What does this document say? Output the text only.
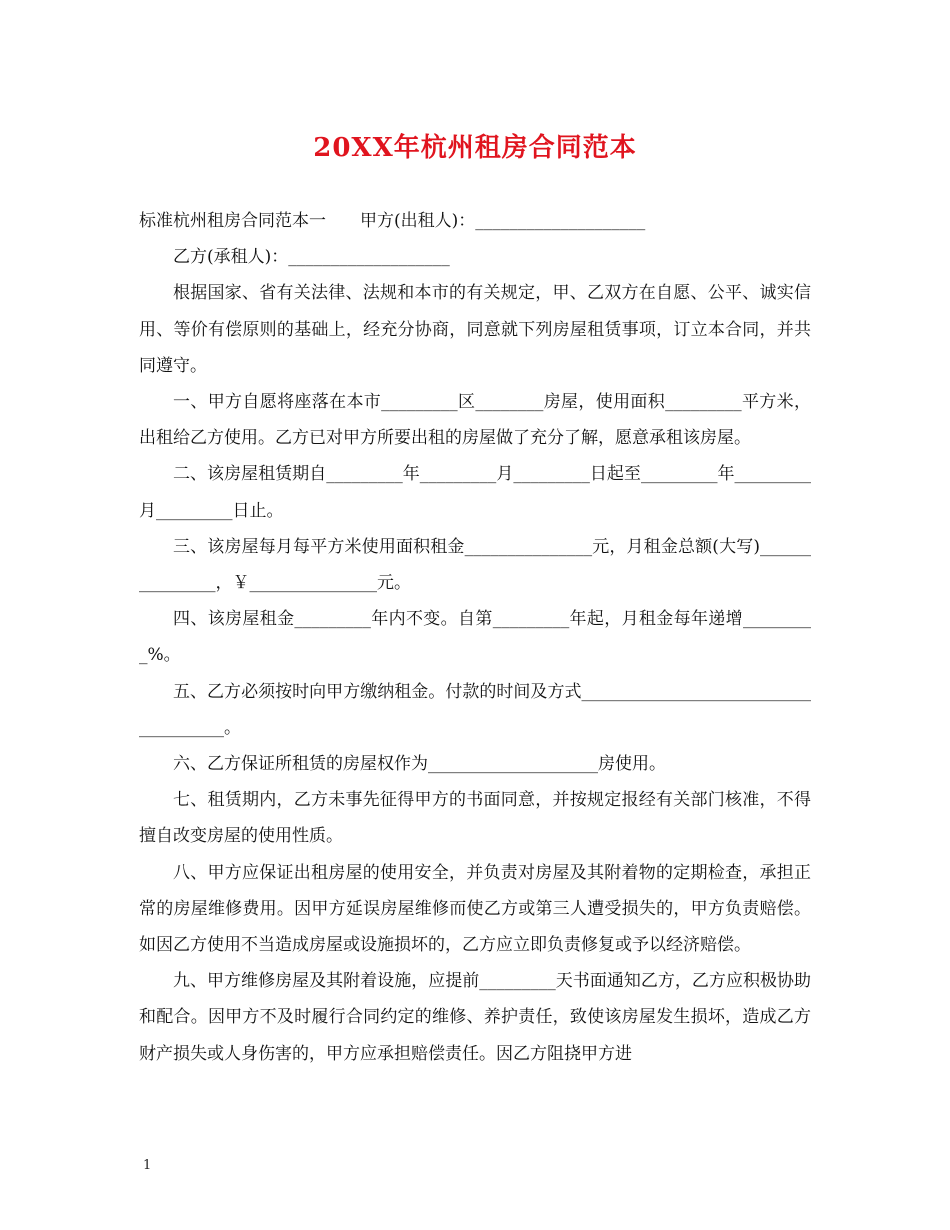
20XX年杭州租房合同范本

标准杭州租房合同范本一　　甲方(出租人)：____________________

乙方(承租人)：___________________

根据国家、省有关法律、法规和本市的有关规定，甲、乙双方在自愿、公平、诚实信用、等价有偿原则的基础上，经充分协商，同意就下列房屋租赁事项，订立本合同，并共同遵守。

一、甲方自愿将座落在本市_________区________房屋，使用面积_________平方米，出租给乙方使用。乙方已对甲方所要出租的房屋做了充分了解，愿意承租该房屋。

二、该房屋租赁期自_________年_________月_________日起至_________年_________月_________日止。

三、该房屋每月每平方米使用面积租金_______________元，月租金总额(大写)_______________，￥_______________元。

四、该房屋租金_________年内不变。自第_________年起，月租金每年递增_________%。

五、乙方必须按时向甲方缴纳租金。付款的时间及方式_____________________________________。

六、乙方保证所租赁的房屋权作为____________________房使用。

七、租赁期内，乙方未事先征得甲方的书面同意，并按规定报经有关部门核准，不得擅自改变房屋的使用性质。

八、甲方应保证出租房屋的使用安全，并负责对房屋及其附着物的定期检查，承担正常的房屋维修费用。因甲方延误房屋维修而使乙方或第三人遭受损失的，甲方负责赔偿。如因乙方使用不当造成房屋或设施损坏的，乙方应立即负责修复或予以经济赔偿。

九、甲方维修房屋及其附着设施，应提前_________天书面通知乙方，乙方应积极协助和配合。因甲方不及时履行合同约定的维修、养护责任，致使该房屋发生损坏，造成乙方财产损失或人身伤害的，甲方应承担赔偿责任。因乙方阻挠甲方进

1
